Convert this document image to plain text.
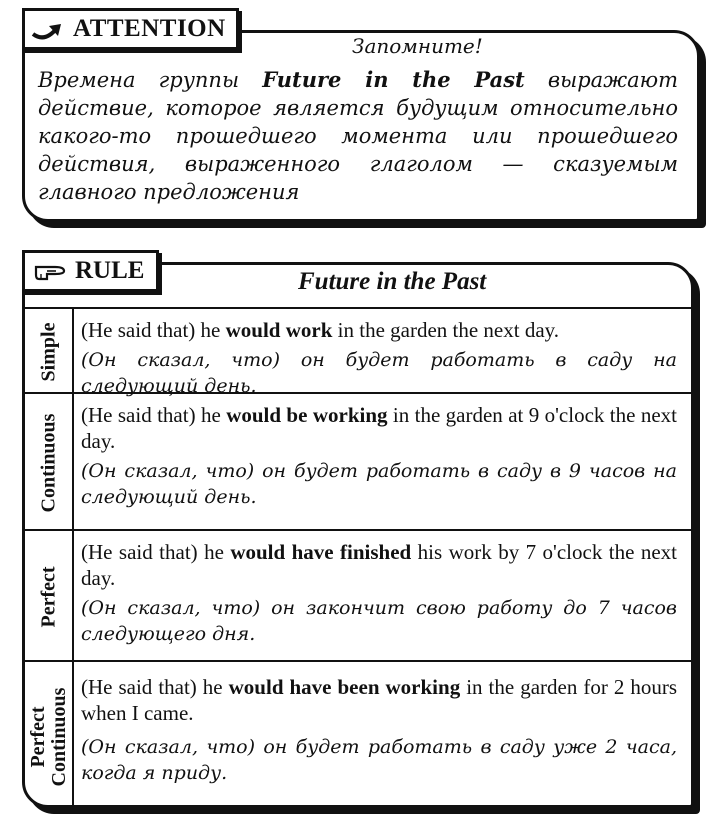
ATTENTION
Запомните!
Времена группы Future in the Past выражают действие, которое является будущим относительно какого-то прошедшего момента или прошедшего действия, выраженного глаголом — сказуемым главного предложения
Simple (He said that) he would work in the garden the next day.
(Он сказал, что) он будет работать в саду на следующий день.
Continuous (He said that) he would be working in the garden at 9 o'clock the next day.
(Он сказал, что) он будет работать в саду в 9 часов на следующий день.
Perfect
(He said that) he would have finished his work by 7 o'clock the next day.
(Он сказал, что) он закончит свою работу до 7 часов следующего дня.
Perfect Continuous
(He said that) he would have been working in the garden for 2 hours when I came.
(Он сказал, что) он будет работать в саду уже 2 часа, когда я приду.
RULE	Future in the Past
